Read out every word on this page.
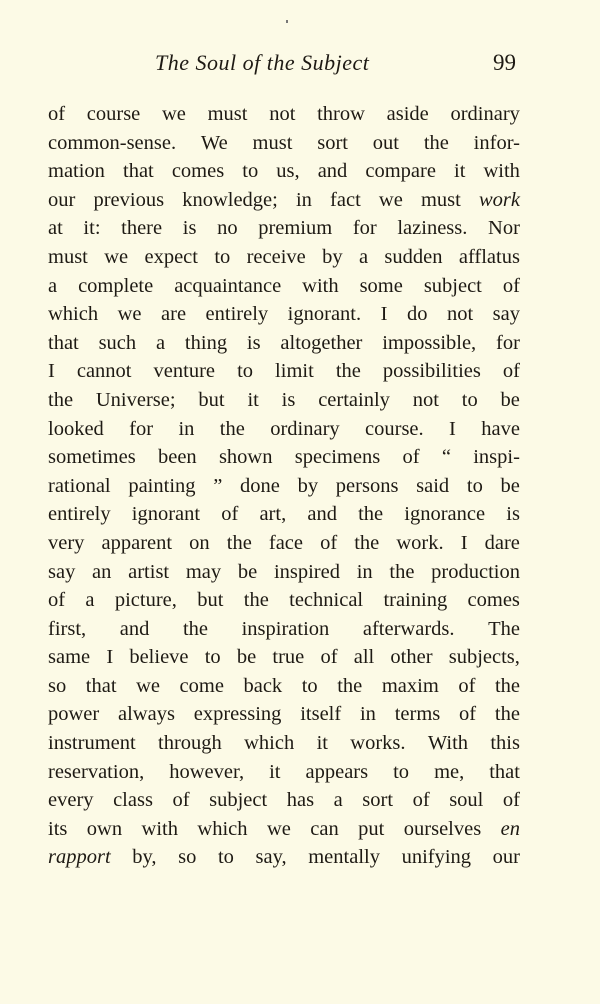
The Soul of the Subject	99
of course we must not throw aside ordinary
common-sense. We must sort out the infor-
mation that comes to us, and compare it with
our previous knowledge; in fact we must work
at it: there is no premium for laziness. Nor
must we expect to receive by a sudden afflatus
a complete acquaintance with some subject of
which we are entirely ignorant. I do not say
that such a thing is altogether impossible, for
I cannot venture to limit the possibilities of
the Universe; but it is certainly not to be
looked for in the ordinary course. I have
sometimes been shown specimens of “ inspi-
rational painting ” done by persons said to be
entirely ignorant of art, and the ignorance is
very apparent on the face of the work. I dare
say an artist may be inspired in the production
of a picture, but the technical training comes
first, and the inspiration afterwards. The
same I believe to be true of all other subjects,
so that we come back to the maxim of the
power always expressing itself in terms of the
instrument through which it works. With this
reservation, however, it appears to me, that
every class of subject has a sort of soul of
its own with which we can put ourselves en
rapport by, so to say, mentally unifying our
